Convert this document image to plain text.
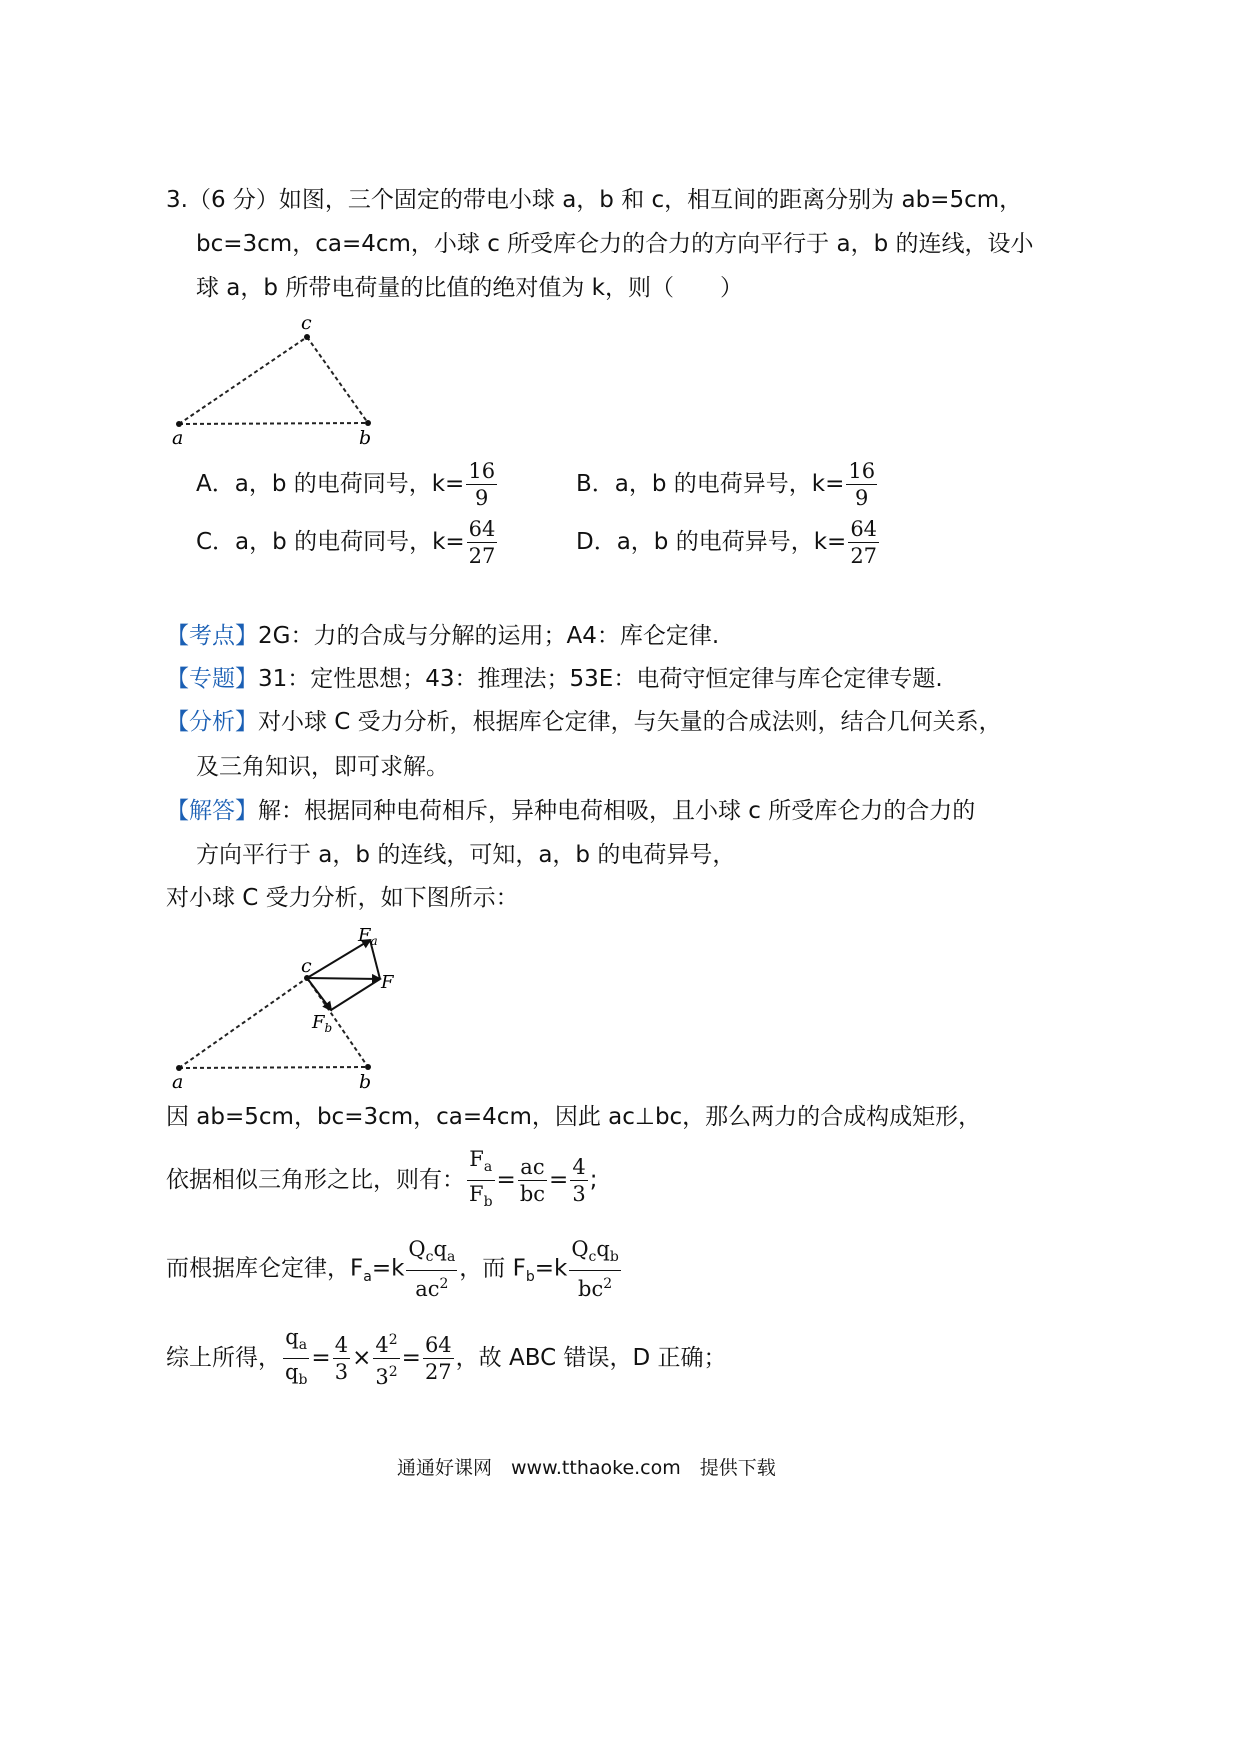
3.（6 分）如图，三个固定的带电小球 a，b 和 c，相互间的距离分别为 ab=5cm，
bc=3cm，ca=4cm，小球 c 所受库仑力的合力的方向平行于 a，b 的连线，设小
球 a，b 所带电荷量的比值的绝对值为 k，则（　　）
a	b
c
A．a，b 的电荷同号，$k= \frac{16}{9}$	B．a，b 的电荷异号，$k= \frac{16}{9}$
C．a，b 的电荷同号，$k= \frac{64}{27}$	D．a，b 的电荷异号，$k= \frac{64}{27}$
【考点】2G：力的合成与分解的运用；A4：库仑定律.
【专题】31：定性思想；43：推理法；53E：电荷守恒定律与库仑定律专题.
【分析】对小球 C 受力分析，根据库仑定律，与矢量的合成法则，结合几何关系，
及三角知识，即可求解。
【解答】解：根据同种电荷相斥，异种电荷相吸，且小球 c 所受库仑力的合力的
方向平行于 a，b 的连线，可知，a，b 的电荷异号，
对小球 C 受力分析，如下图所示：
a	b
c
F
$F_a$
$F_b$
因 ab=5cm，bc=3cm，ca=4cm，因此 ac⊥bc，那么两力的合成构成矩形，
依据相似三角形之比，则有： $\frac{F_a}{F_b} = \frac{ac}{bc} = \frac{4}{3}$ ;
而根据库仑定律，$F_a=k \frac{Q_cq_a}{ac^2}$ ，而 $F_b=k \frac{Q_cq_b}{bc^2}$
综上所得， $\frac{q_a}{q_b} = \frac{4}{3} \times \frac{4^2}{3^2} = \frac{64}{27}$ ，故 ABC 错误，D 正确；
通通好课网　www.tthaoke.com　提供下载
